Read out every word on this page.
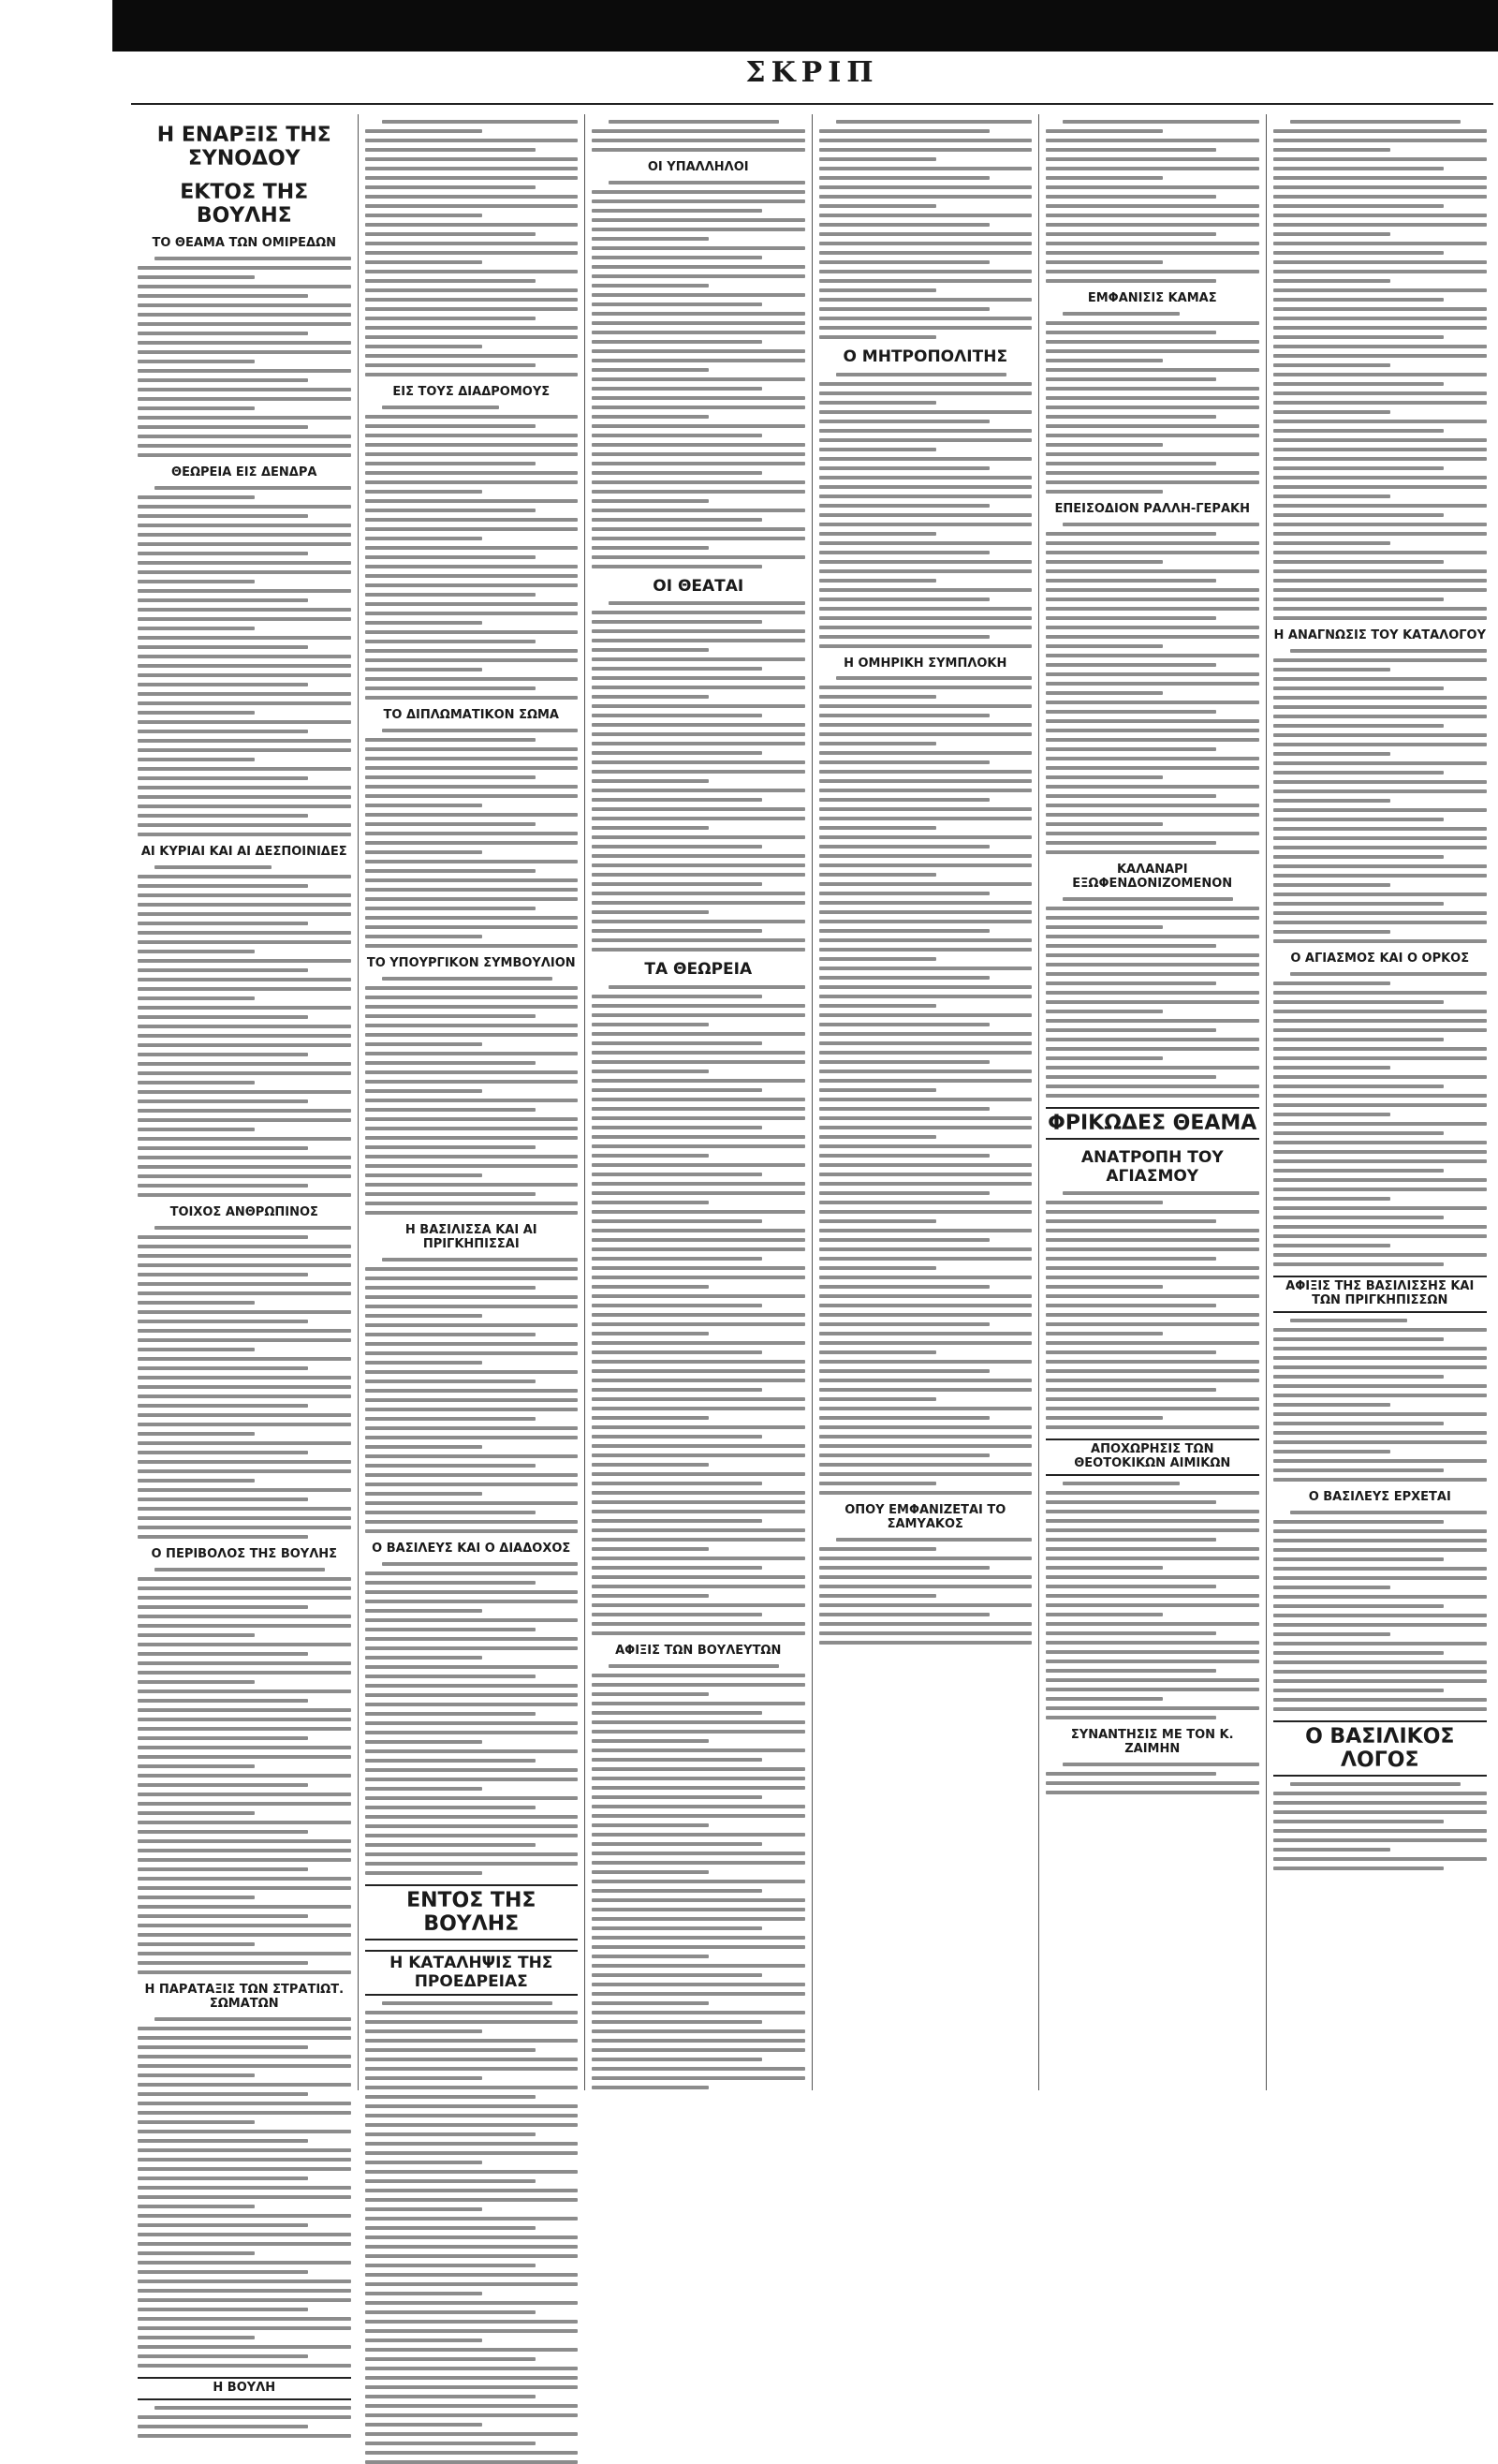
ΣΚΡΙΠ
Η ΕΝΑΡΞΙΣ ΤΗΣ ΣΥΝΟΔΟΥ
ΕΚΤΟΣ ΤΗΣ ΒΟΥΛΗΣ
ΤΟ ΘΕΑΜΑ ΤΩΝ ΟΜΙΡΕΔΩΝ
ΘΕΩΡΕΙΑ ΕΙΣ ΔΕΝΔΡΑ
ΑΙ ΚΥΡΙΑΙ ΚΑΙ ΑΙ ΔΕΣΠΟΙΝΙΔΕΣ
ΤΟΙΧΟΣ ΑΝΘΡΩΠΙΝΟΣ
Ο ΠΕΡΙΒΟΛΟΣ ΤΗΣ ΒΟΥΛΗΣ
Η ΠΑΡΑΤΑΞΙΣ ΤΩΝ ΣΤΡΑΤΙΩΤ. ΣΩΜΑΤΩΝ
Η ΒΟΥΛΗ
ΕΙΣ ΤΟΥΣ ΔΙΑΔΡΟΜΟΥΣ
ΤΟ ΔΙΠΛΩΜΑΤΙΚΟΝ ΣΩΜΑ
ΤΟ ΥΠΟΥΡΓΙΚΟΝ ΣΥΜΒΟΥΛΙΟΝ
Η ΒΑΣΙΛΙΣΣΑ ΚΑΙ ΑΙ ΠΡΙΓΚΗΠΙΣΣΑΙ
Ο ΒΑΣΙΛΕΥΣ ΚΑΙ Ο ΔΙΑΔΟΧΟΣ
ΕΝΤΟΣ ΤΗΣ ΒΟΥΛΗΣ
Η ΚΑΤΑΛΗΨΙΣ ΤΗΣ ΠΡΟΕΔΡΕΙΑΣ
ΟΙ ΥΠΑΛΛΗΛΟΙ
ΟΙ ΘΕΑΤΑΙ
ΤΑ ΘΕΩΡΕΙΑ
ΑΦΙΞΙΣ ΤΩΝ ΒΟΥΛΕΥΤΩΝ
Ο ΜΗΤΡΟΠΟΛΙΤΗΣ
Η ΟΜΗΡΙΚΗ ΣΥΜΠΛΟΚΗ
ΟΠΟΥ ΕΜΦΑΝΙΖΕΤΑΙ ΤΟ ΣΑΜΥΑΚΟΣ
ΕΜΦΑΝΙΣΙΣ ΚΑΜΑΣ
ΕΠΕΙΣΟΔΙΟΝ ΡΑΛΛΗ-ΓΕΡΑΚΗ
ΚΑΛΑΝΑΡΙ ΕΞΩΦΕΝΔΟΝΙΖΟΜΕΝΟΝ
ΦΡΙΚΩΔΕΣ ΘΕΑΜΑ
ΑΝΑΤΡΟΠΗ ΤΟΥ ΑΓΙΑΣΜΟΥ
ΑΠΟΧΩΡΗΣΙΣ ΤΩΝ ΘΕΟΤΟΚΙΚΩΝ ΑΙΜΙΚΩΝ
ΣΥΝΑΝΤΗΣΙΣ ΜΕ ΤΟΝ Κ. ΖΑΙΜΗΝ
Η ΑΝΑΓΝΩΣΙΣ ΤΟΥ ΚΑΤΑΛΟΓΟΥ
Ο ΑΓΙΑΣΜΟΣ ΚΑΙ Ο ΟΡΚΟΣ
ΑΦΙΞΙΣ ΤΗΣ ΒΑΣΙΛΙΣΣΗΣ ΚΑΙ ΤΩΝ ΠΡΙΓΚΗΠΙΣΣΩΝ
Ο ΒΑΣΙΛΕΥΣ ΕΡΧΕΤΑΙ
Ο ΒΑΣΙΛΙΚΟΣ ΛΟΓΟΣ
